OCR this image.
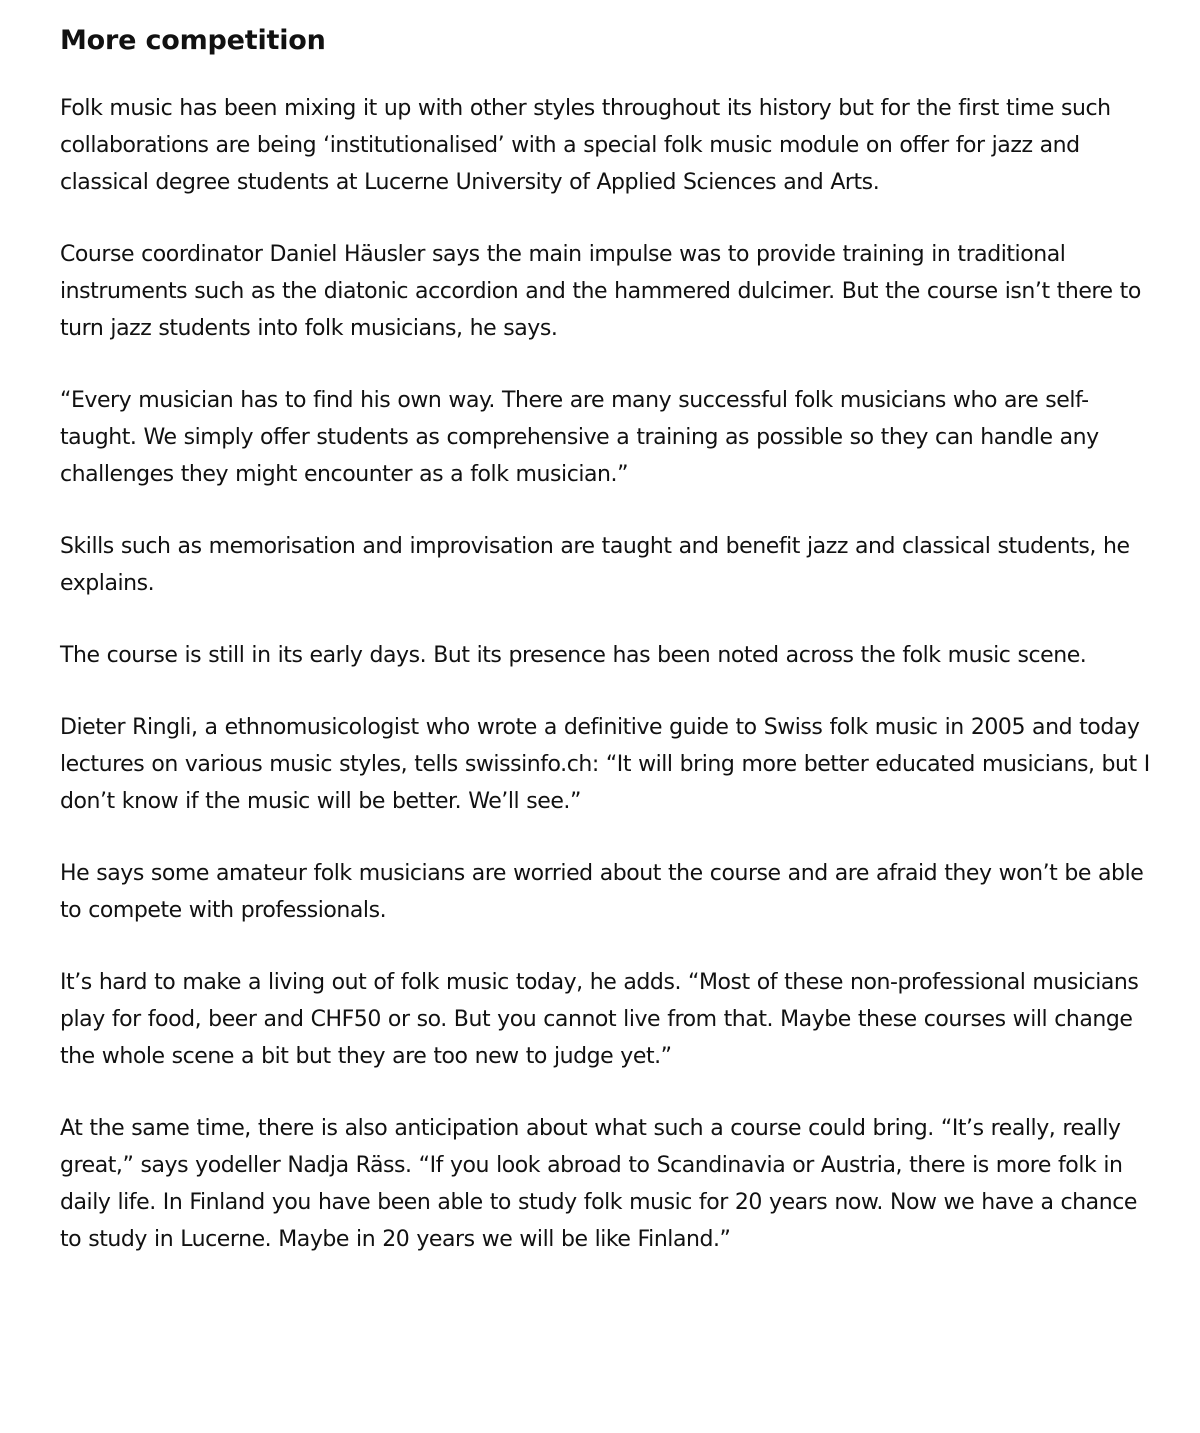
More competition

Folk music has been mixing it up with other styles throughout its history but for the first time such collaborations are being ‘institutionalised’ with a special folk music module on offer for jazz and classical degree students at Lucerne University of Applied Sciences and Arts.

Course coordinator Daniel Häusler says the main impulse was to provide training in traditional instruments such as the diatonic accordion and the hammered dulcimer. But the course isn’t there to turn jazz students into folk musicians, he says.

“Every musician has to find his own way. There are many successful folk musicians who are self-taught. We simply offer students as comprehensive a training as possible so they can handle any challenges they might encounter as a folk musician.”

Skills such as memorisation and improvisation are taught and benefit jazz and classical students, he explains.

The course is still in its early days. But its presence has been noted across the folk music scene.

Dieter Ringli, a ethnomusicologist who wrote a definitive guide to Swiss folk music in 2005 and today lectures on various music styles, tells swissinfo.ch: “It will bring more better educated musicians, but I don’t know if the music will be better. We’ll see.”

He says some amateur folk musicians are worried about the course and are afraid they won’t be able to compete with professionals.

It’s hard to make a living out of folk music today, he adds. “Most of these non-professional musicians play for food, beer and CHF50 or so. But you cannot live from that. Maybe these courses will change the whole scene a bit but they are too new to judge yet.”

At the same time, there is also anticipation about what such a course could bring. “It’s really, really great,” says yodeller Nadja Räss. “If you look abroad to Scandinavia or Austria, there is more folk in daily life. In Finland you have been able to study folk music for 20 years now. Now we have a chance to study in Lucerne. Maybe in 20 years we will be like Finland.”
